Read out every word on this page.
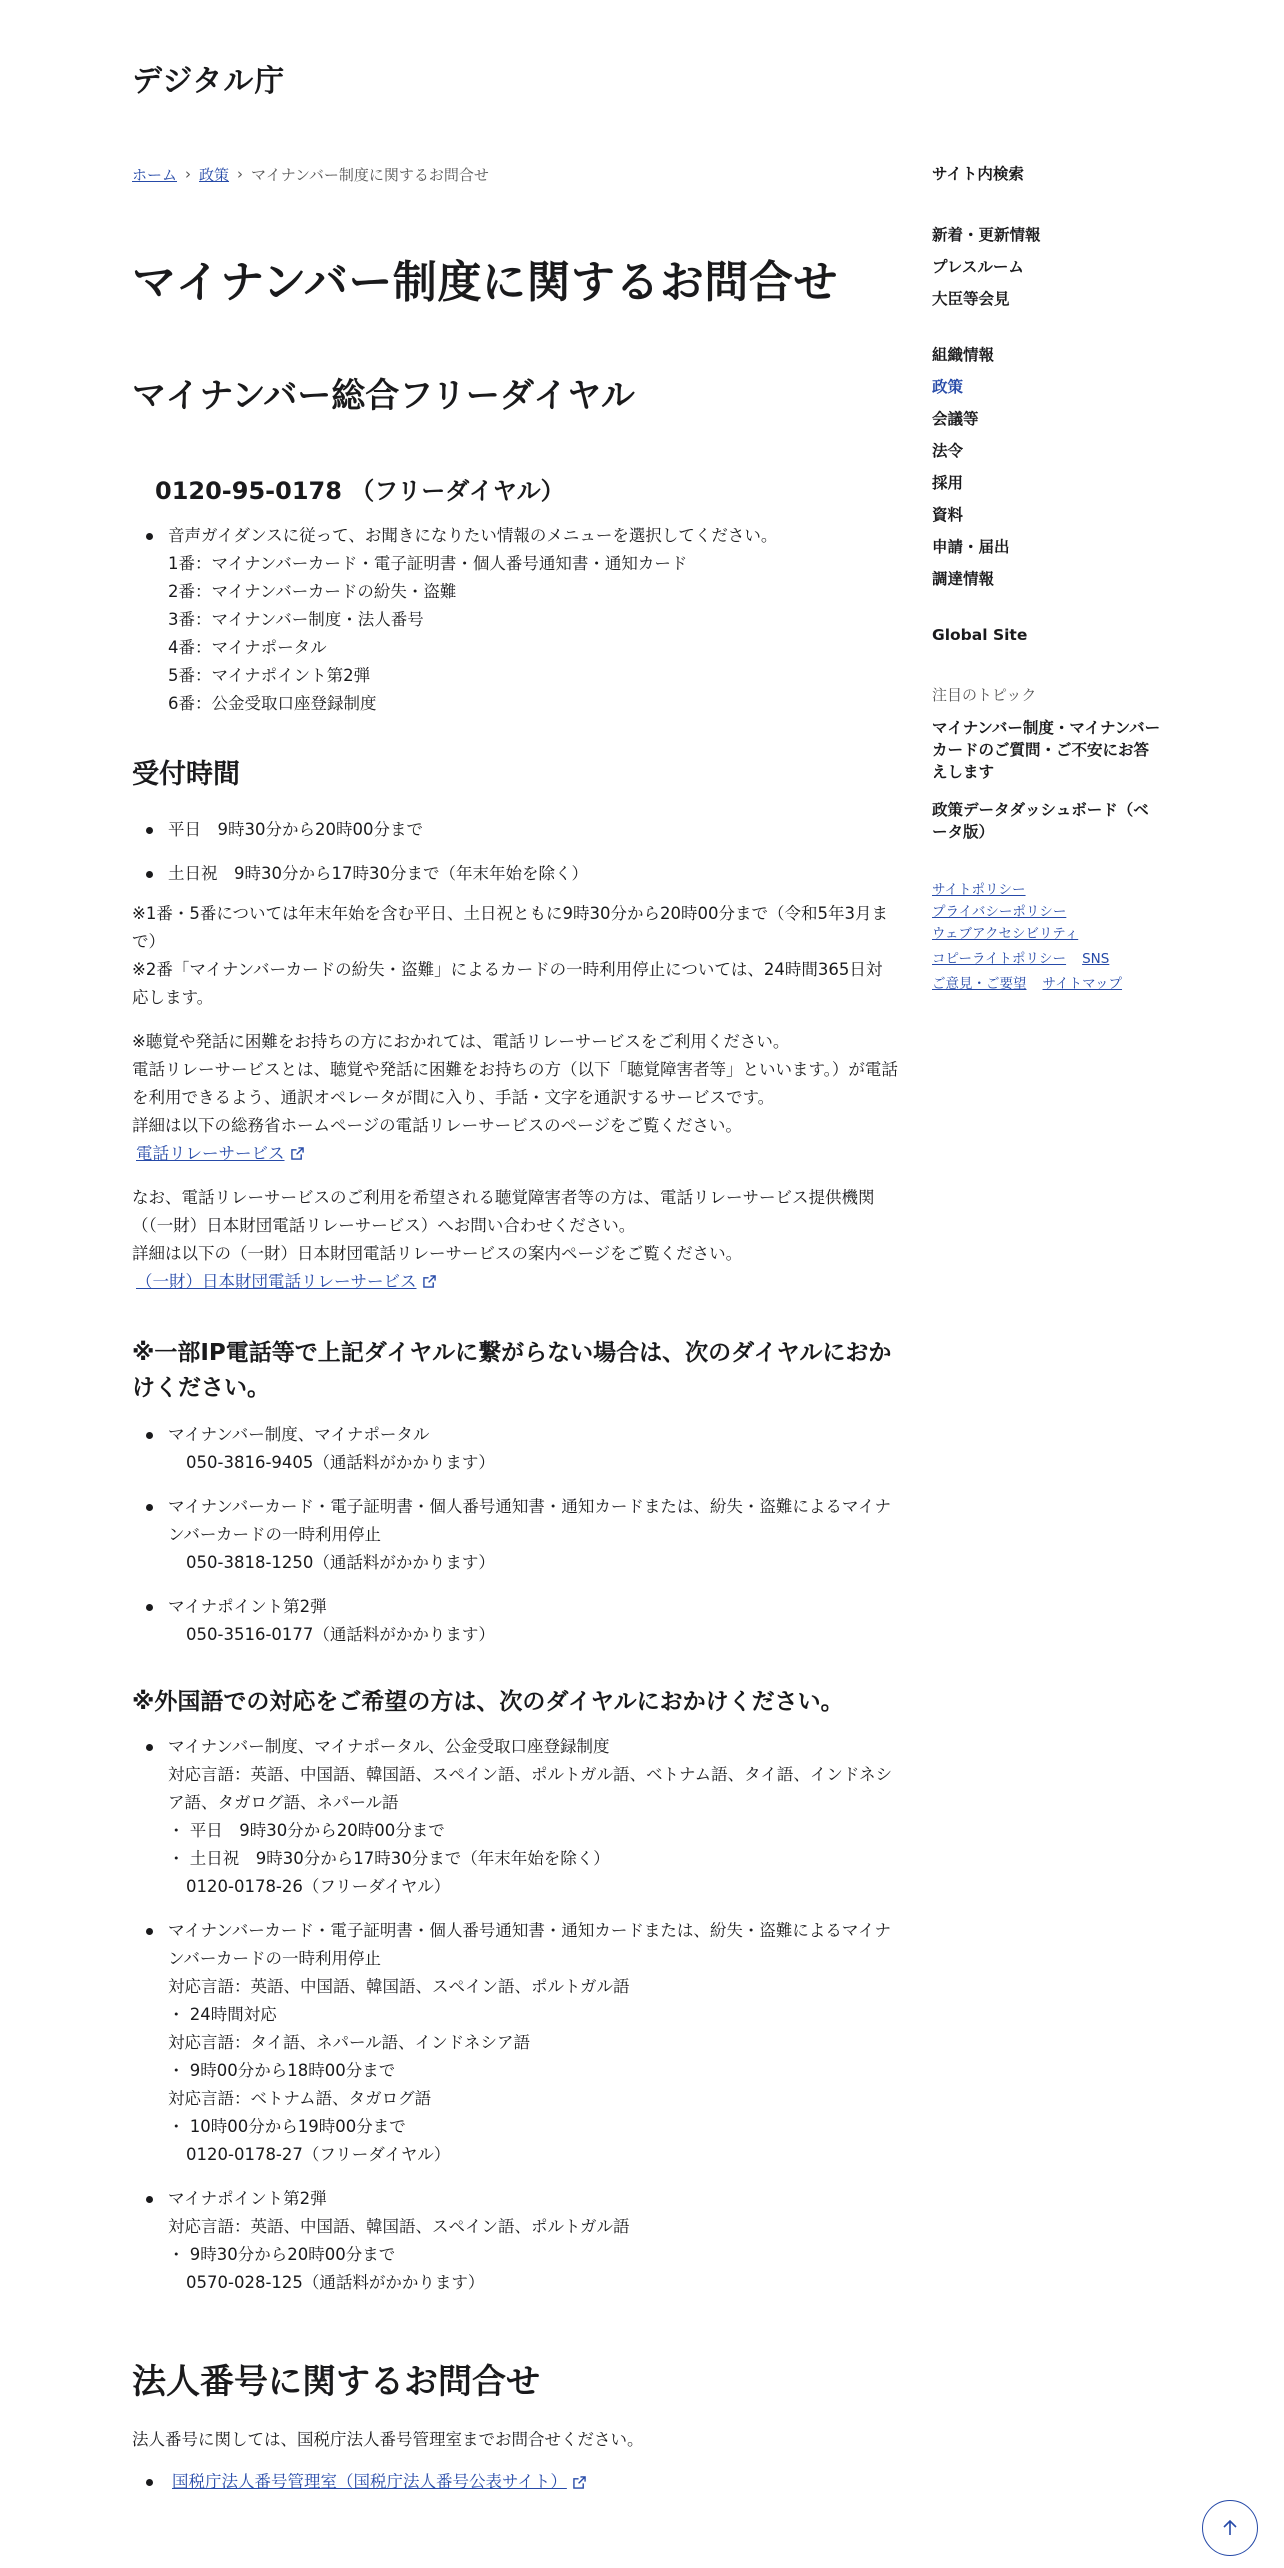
デジタル庁
ホーム › 政策 › マイナンバー制度に関するお問合せ
マイナンバー制度に関するお問合せ
マイナンバー総合フリーダイヤル
0120-95-0178 （フリーダイヤル）
音声ガイダンスに従って、お聞きになりたい情報のメニューを選択してください。
1番：マイナンバーカード・電子証明書・個人番号通知書・通知カード
2番：マイナンバーカードの紛失・盗難
3番：マイナンバー制度・法人番号
4番：マイナポータル
5番：マイナポイント第2弾
6番：公金受取口座登録制度
受付時間
平日　9時30分から20時00分まで
土日祝　9時30分から17時30分まで（年末年始を除く）

※1番・5番については年末年始を含む平日、土日祝ともに9時30分から20時00分まで（令和5年3月まで）

※2番「マイナンバーカードの紛失・盗難」によるカードの一時利用停止については、24時間365日対応します。

※聴覚や発話に困難をお持ちの方におかれては、電話リレーサービスをご利用ください。

電話リレーサービスとは、聴覚や発話に困難をお持ちの方（以下「聴覚障害者等」といいます。）が電話を利用できるよう、通訳オペレータが間に入り、手話・文字を通訳するサービスです。

詳細は以下の総務省ホームページの電話リレーサービスのページをご覧ください。

電話リレーサービス

なお、電話リレーサービスのご利用を希望される聴覚障害者等の方は、電話リレーサービス提供機関（（一財）日本財団電話リレーサービス）へお問い合わせください。

詳細は以下の（一財）日本財団電話リレーサービスの案内ページをご覧ください。

（一財）日本財団電話リレーサービス
※一部IP電話等で上記ダイヤルに繋がらない場合は、次のダイヤルにおかけください。
マイナンバー制度、マイナポータル
050-3816-9405（通話料がかかります）
マイナンバーカード・電子証明書・個人番号通知書・通知カードまたは、紛失・盗難によるマイナンバーカードの一時利用停止
050-3818-1250（通話料がかかります）
マイナポイント第2弾
050-3516-0177（通話料がかかります）
※外国語での対応をご希望の方は、次のダイヤルにおかけください。
マイナンバー制度、マイナポータル、公金受取口座登録制度
対応言語：英語、中国語、韓国語、スペイン語、ポルトガル語、ベトナム語、タイ語、インドネシア語、タガログ語、ネパール語
・ 平日　9時30分から20時00分まで
・ 土日祝　9時30分から17時30分まで（年末年始を除く）
0120-0178-26（フリーダイヤル）
マイナンバーカード・電子証明書・個人番号通知書・通知カードまたは、紛失・盗難によるマイナンバーカードの一時利用停止
対応言語：英語、中国語、韓国語、スペイン語、ポルトガル語
・ 24時間対応
対応言語：タイ語、ネパール語、インドネシア語
・ 9時00分から18時00分まで
対応言語：ベトナム語、タガログ語
・ 10時00分から19時00分まで
0120-0178-27（フリーダイヤル）
マイナポイント第2弾
対応言語：英語、中国語、韓国語、スペイン語、ポルトガル語
・ 9時30分から20時00分まで
0570-028-125（通話料がかかります）
法人番号に関するお問合せ

法人番号に関しては、国税庁法人番号管理室までお問合せください。

国税庁法人番号管理室（国税庁法人番号公表サイト）
サイト内検索
新着・更新情報
プレスルーム
大臣等会見
組織情報
政策
会議等
法令
採用
資料
申請・届出
調達情報
Global Site
注目のトピック
マイナンバー制度・マイナンバーカードのご質問・ご不安にお答えします
政策データダッシュボード（ベータ版）
サイトポリシー
プライバシーポリシー
ウェブアクセシビリティ
コピーライトポリシー　 SNS
ご意見・ご要望　 サイトマップ
